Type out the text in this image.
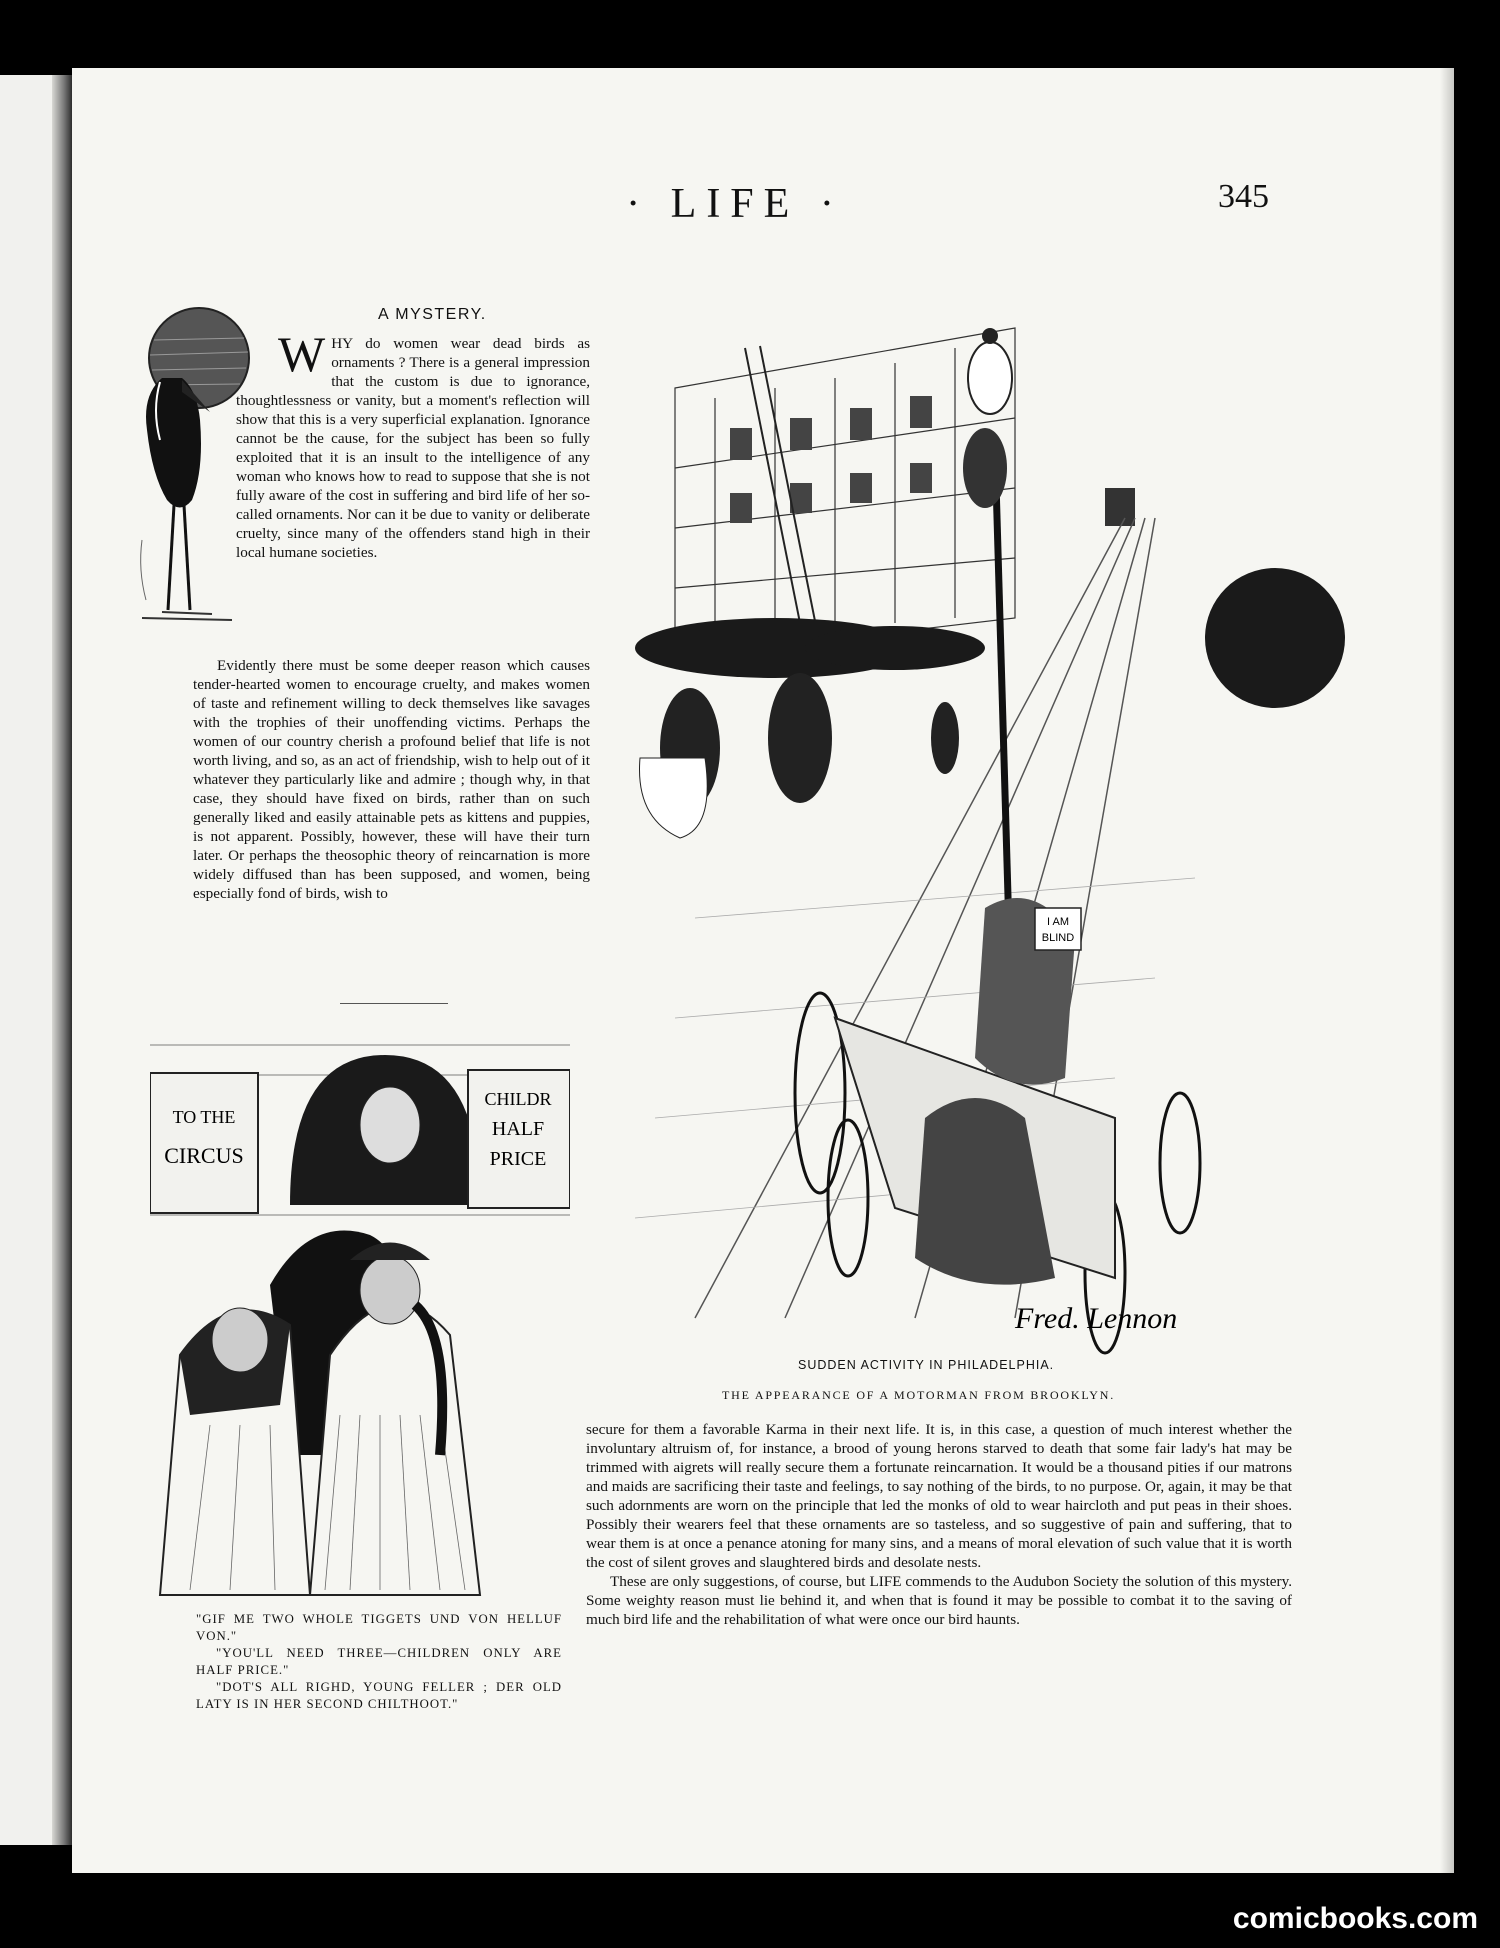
· LIFE ·	345
A MYSTERY.
W HY do women wear dead birds as ornaments ? There is a general impression that the custom is due to ignorance, thoughtlessness or vanity, but a moment's reflection will show that this is a very superficial explanation. Ignorance cannot be the cause, for the subject has been so fully exploited that it is an insult to the intelligence of any woman who knows how to read to suppose that she is not fully aware of the cost in suffering and bird life of her so-called ornaments. Nor can it be due to vanity or deliberate cruelty, since many of the offenders stand high in their local humane societies.

Evidently there must be some deeper reason which causes tender-hearted women to encourage cruelty, and makes women of taste and refinement willing to deck themselves like savages with the trophies of their unoffending victims. Perhaps the women of our country cherish a profound belief that life is not worth living, and so, as an act of friendship, wish to help out of it whatever they particularly like and admire ; though why, in that case, they should have fixed on birds, rather than on such generally liked and easily attainable pets as kittens and puppies, is not apparent. Possibly, however, these will have their turn later. Or perhaps the theosophic theory of reincarnation is more widely diffused than has been supposed, and women, being especially fond of birds, wish to

I AM
BLIND
Fred. Lennon
SUDDEN ACTIVITY IN PHILADELPHIA.
THE APPEARANCE OF A MOTORMAN FROM BROOKLYN.
TO THE
CIRCUS
CHILDR
HALF
PRICE

"GIF ME TWO WHOLE TIGGETS UND VON HELLUF VON."

"YOU'LL NEED THREE—CHILDREN ONLY ARE HALF PRICE."

"DOT'S ALL RIGHD, YOUNG FELLER ; DER OLD LATY IS IN HER SECOND CHILTHOOT."

secure for them a favorable Karma in their next life. It is, in this case, a question of much interest whether the involuntary altruism of, for instance, a brood of young herons starved to death that some fair lady's hat may be trimmed with aigrets will really secure them a fortunate reincarnation. It would be a thousand pities if our matrons and maids are sacrificing their taste and feelings, to say nothing of the birds, to no purpose. Or, again, it may be that such adornments are worn on the principle that led the monks of old to wear haircloth and put peas in their shoes. Possibly their wearers feel that these ornaments are so tasteless, and so suggestive of pain and suffering, that to wear them is at once a penance atoning for many sins, and a means of moral elevation of such value that it is worth the cost of silent groves and slaughtered birds and desolate nests.

These are only suggestions, of course, but LIFE commends to the Audubon Society the solution of this mystery. Some weighty reason must lie behind it, and when that is found it may be possible to combat it to the saving of much bird life and the rehabilitation of what were once our bird haunts.

comicbooks.com
